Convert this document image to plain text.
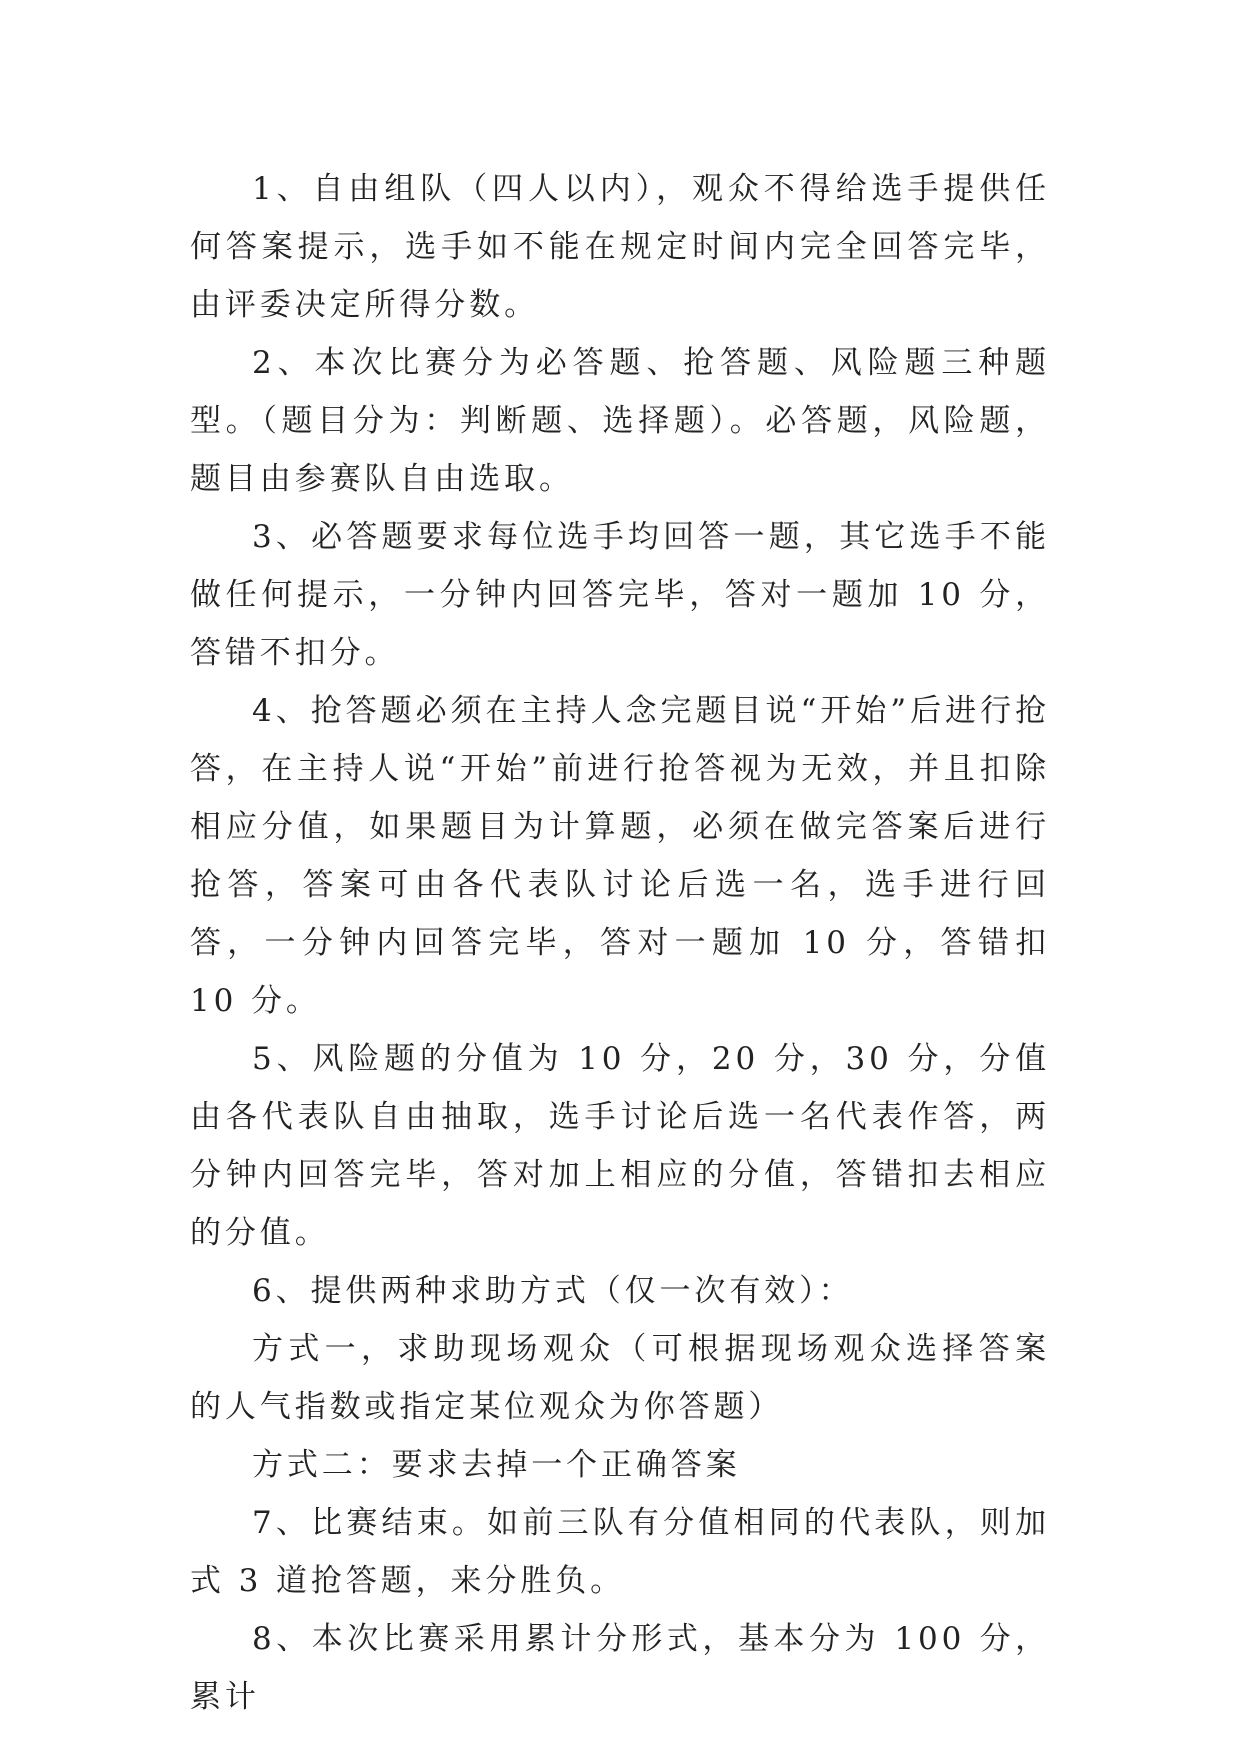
1、自由组队（四人以内），观众不得给选手提供任何答案提示，选手如不能在规定时间内完全回答完毕，由评委决定所得分数。

2、本次比赛分为必答题、抢答题、风险题三种题型。（题目分为：判断题、选择题）。必答题，风险题，题目由参赛队自由选取。

3、必答题要求每位选手均回答一题，其它选手不能做任何提示，一分钟内回答完毕，答对一题加 10 分，答错不扣分。

4、抢答题必须在主持人念完题目说“开始”后进行抢答，在主持人说“开始”前进行抢答视为无效，并且扣除相应分值，如果题目为计算题，必须在做完答案后进行抢答，答案可由各代表队讨论后选一名，选手进行回答，一分钟内回答完毕，答对一题加 10 分，答错扣 10 分。

5、风险题的分值为 10 分，20 分，30 分，分值由各代表队自由抽取，选手讨论后选一名代表作答，两分钟内回答完毕，答对加上相应的分值，答错扣去相应的分值。

6、提供两种求助方式（仅一次有效）：

方式一，求助现场观众（可根据现场观众选择答案的人气指数或指定某位观众为你答题）

方式二：要求去掉一个正确答案

7、比赛结束。如前三队有分值相同的代表队，则加式 3 道抢答题，来分胜负。

8、本次比赛采用累计分形式，基本分为 100 分，累计
